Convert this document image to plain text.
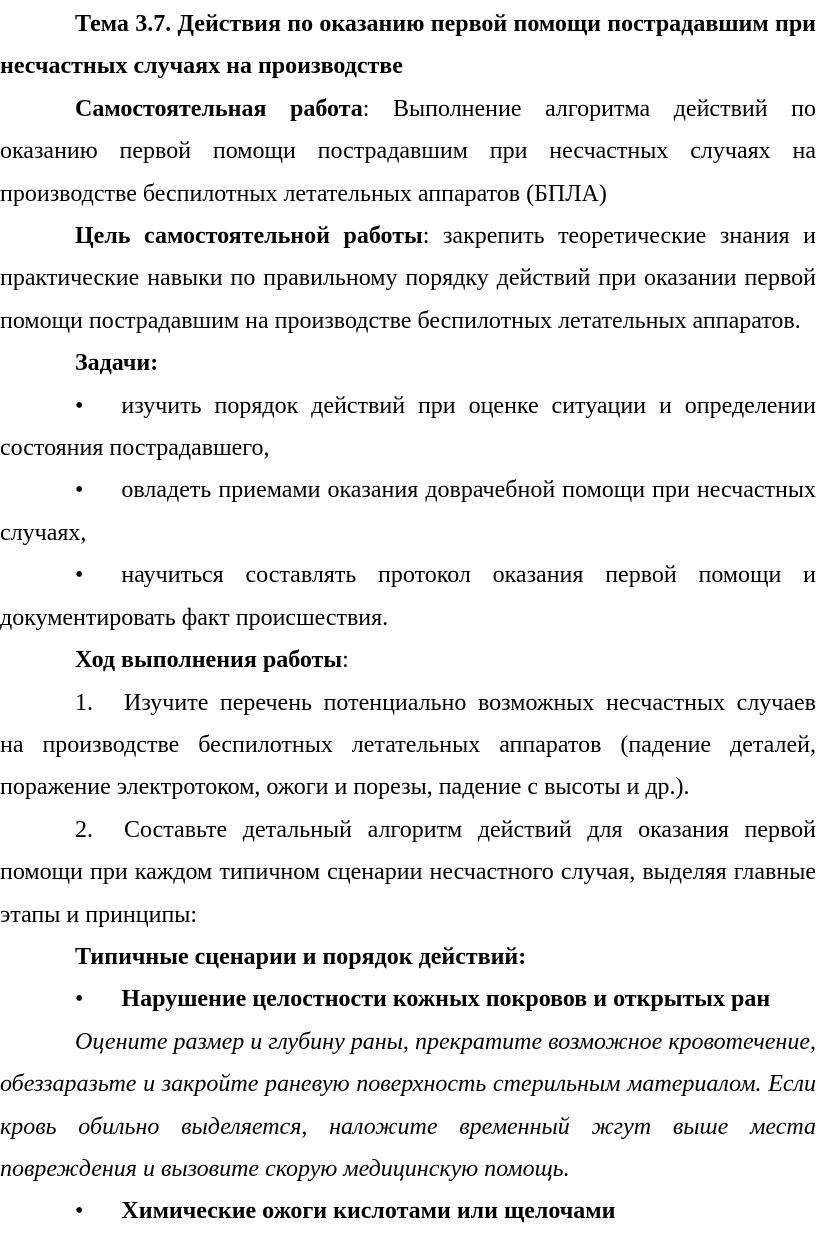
Тема 3.7. Действия по оказанию первой помощи пострадавшим при несчастных случаях на производстве

Самостоятельная работа: Выполнение алгоритма действий по оказанию первой помощи пострадавшим при несчастных случаях на производстве беспилотных летательных аппаратов (БПЛА)

Цель самостоятельной работы: закрепить теоретические знания и практические навыки по правильному порядку действий при оказании первой помощи пострадавшим на производстве беспилотных летательных аппаратов.

Задачи:

• изучить порядок действий при оценке ситуации и определении состояния пострадавшего,

• овладеть приемами оказания доврачебной помощи при несчастных случаях,

• научиться составлять протокол оказания первой помощи и документировать факт происшествия.

Ход выполнения работы:

1. Изучите перечень потенциально возможных несчастных случаев на производстве беспилотных летательных аппаратов (падение деталей, поражение электротоком, ожоги и порезы, падение с высоты и др.).

2. Составьте детальный алгоритм действий для оказания первой помощи при каждом типичном сценарии несчастного случая, выделяя главные этапы и принципы:

Типичные сценарии и порядок действий:

• Нарушение целостности кожных покровов и открытых ран

Оцените размер и глубину раны, прекратите возможное кровотечение, обеззаразьте и закройте раневую поверхность стерильным материалом. Если кровь обильно выделяется, наложите временный жгут выше места повреждения и вызовите скорую медицинскую помощь.

• Химические ожоги кислотами или щелочами
